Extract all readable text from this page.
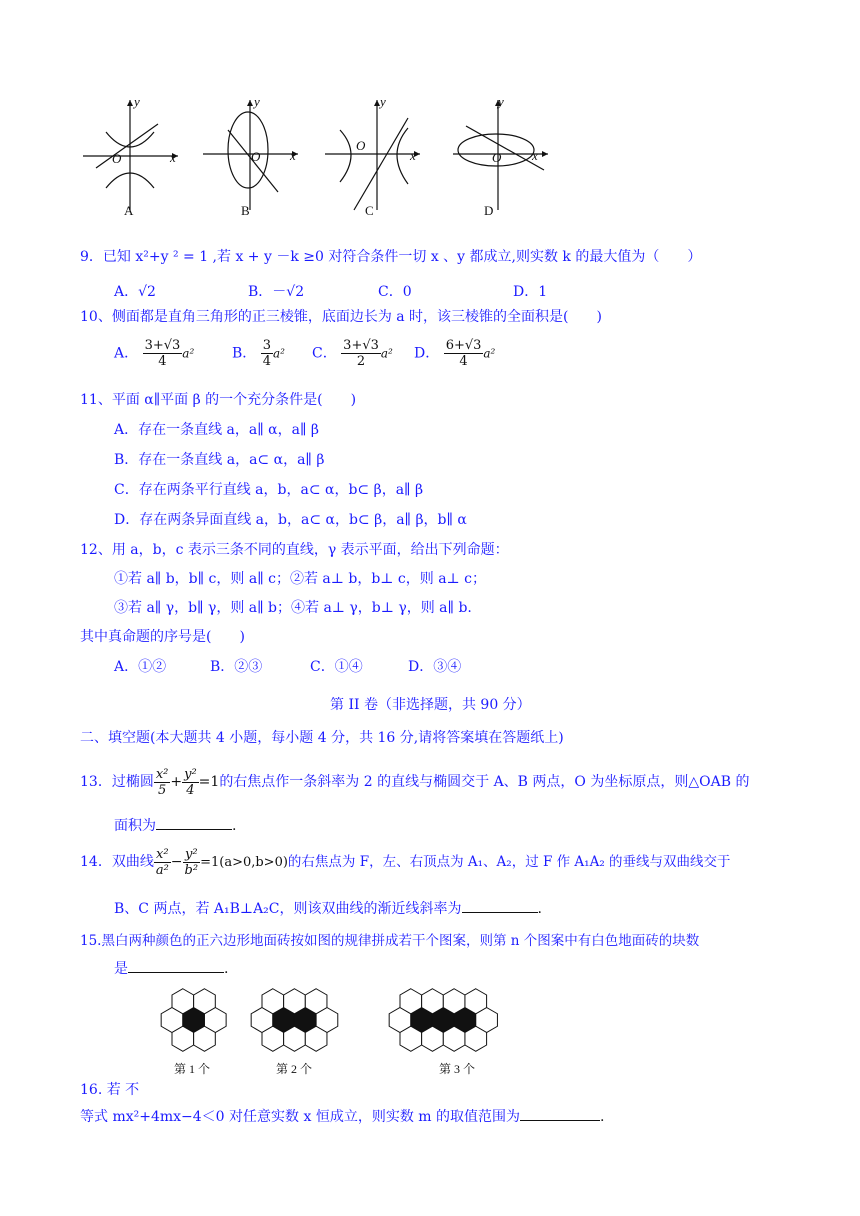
y
x
O
y
x
O
y
x
O
y
x
O
A	B	C	D
9．已知 x²+y ² = 1 ,若 x + y －k ≥0 对符合条件一切 x 、y 都成立,则实数 k 的最大值为（　　）
A．√2	B．－√2	C．0	D．1
10、侧面都是直角三角形的正三棱锥，底面边长为 a 时，该三棱锥的全面积是(　　)
A． $\frac{3+√3}{4} a^2$	B． $\frac{3}{4} a^2$ C． $\frac{3+√3}{2} a^2$ D． $\frac{6+√3}{4} a^2$
11、平面 α∥平面 β 的一个充分条件是(　　)
A．存在一条直线 a，a∥ α，a∥ β
B．存在一条直线 a，a⊂ α，a∥ β
C．存在两条平行直线 a，b，a⊂ α，b⊂ β，a∥ β
D．存在两条异面直线 a，b，a⊂ α，b⊂ β，a∥ β，b∥ α
12、用 a，b，c 表示三条不同的直线，γ 表示平面，给出下列命题：
①若 a∥ b，b∥ c，则 a∥ c；②若 a⊥ b，b⊥ c，则 a⊥ c；
③若 a∥ γ，b∥ γ，则 a∥ b；④若 a⊥ γ，b⊥ γ，则 a∥ b.
其中真命题的序号是(　　)
A．①②	B．②③	C．①④	D．③④
第 II 卷（非选择题，共 90 分）
二、填空题(本大题共 4 小题，每小题 4 分，共 16 分,请将答案填在答题纸上)
13．过椭圆 $\frac{\text{x²}}{5} + \frac{\text{y²}}{4} =1$的右焦点作一条斜率为 2 的直线与椭圆交于 A、B 两点，O 为坐标原点，则△OAB 的
面积为	.
14．双曲线 $\frac{\text{x²}}{\text{a²}} - \frac{\text{y²}}{\text{b²}} =1(a>0,b>0)$的右焦点为 F，左、右顶点为 A₁、A₂，过 F 作 A₁A₂ 的垂线与双曲线交于
B、C 两点，若 A₁B⊥A₂C，则该双曲线的渐近线斜率为	.
15.黑白两种颜色的正六边形地面砖按如图的规律拼成若干个图案，则第 n 个图案中有白色地面砖的块数
是	.
第 1 个	第 2 个	第 3 个
16. 若 不
等式 mx²+4mx−4＜0 对任意实数 x 恒成立，则实数 m 的取值范围为	.
